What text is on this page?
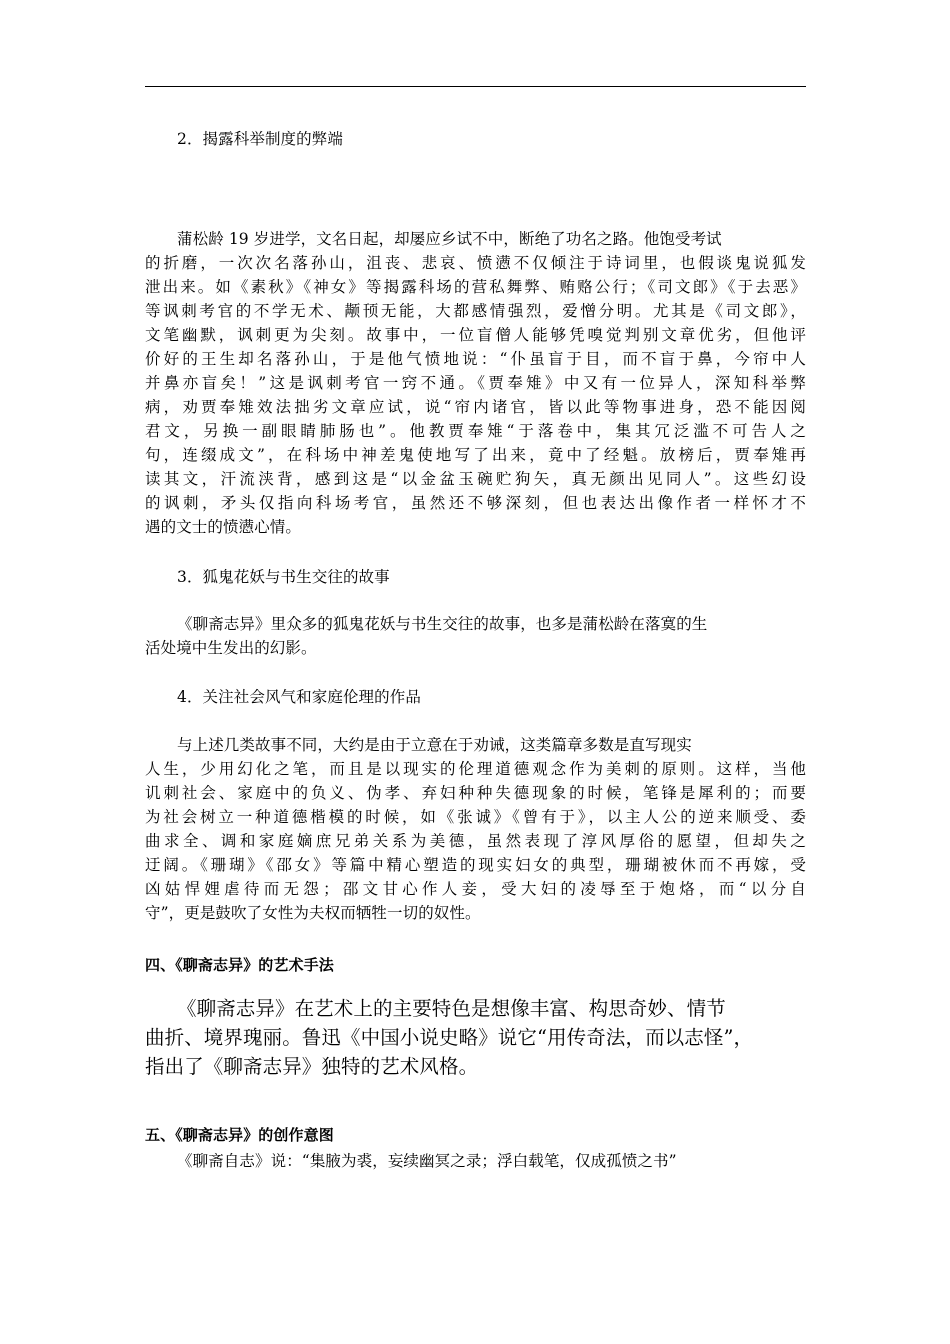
2．揭露科举制度的弊端
蒲松龄 19 岁进学，文名日起，却屡应乡试不中，断绝了功名之路。他饱受考试
的折磨，一次次名落孙山，沮丧、悲哀、愤懑不仅倾注于诗词里，也假谈鬼说狐发
泄出来。如《素秋》《神女》等揭露科场的营私舞弊、贿赂公行；《司文郎》《于去恶》
等讽刺考官的不学无术、颟顸无能，大都感情强烈，爱憎分明。尤其是《司文郎》，
文笔幽默，讽刺更为尖刻。故事中，一位盲僧人能够凭嗅觉判别文章优劣，但他评
价好的王生却名落孙山，于是他气愤地说：“仆虽盲于目，而不盲于鼻，今帘中人
并鼻亦盲矣！”这是讽刺考官一窍不通。《贾奉雉》中又有一位异人，深知科举弊
病，劝贾奉雉效法拙劣文章应试，说“帘内诸官，皆以此等物事进身，恐不能因阅
君文，另换一副眼睛肺肠也”。他教贾奉雉“于落卷中，集其冗泛滥不可告人之
句，连缀成文”，在科场中神差鬼使地写了出来，竟中了经魁。放榜后，贾奉雉再
读其文，汗流浃背，感到这是“以金盆玉碗贮狗矢，真无颜出见同人”。这些幻设
的讽刺，矛头仅指向科场考官，虽然还不够深刻，但也表达出像作者一样怀才不
遇的文士的愤懑心情。
3．狐鬼花妖与书生交往的故事
《聊斋志异》里众多的狐鬼花妖与书生交往的故事，也多是蒲松龄在落寞的生
活处境中生发出的幻影。
4．关注社会风气和家庭伦理的作品
与上述几类故事不同，大约是由于立意在于劝诫，这类篇章多数是直写现实
人生，少用幻化之笔，而且是以现实的伦理道德观念作为美刺的原则。这样，当他
讥刺社会、家庭中的负义、伪孝、弃妇种种失德现象的时候，笔锋是犀利的；而要
为社会树立一种道德楷模的时候，如《张诚》《曾有于》，以主人公的逆来顺受、委
曲求全、调和家庭嫡庶兄弟关系为美德，虽然表现了淳风厚俗的愿望，但却失之
迂阔。《珊瑚》《邵女》等篇中精心塑造的现实妇女的典型，珊瑚被休而不再嫁，受
凶姑悍娌虐待而无怨；邵文甘心作人妾，受大妇的凌辱至于炮烙，而“以分自
守”，更是鼓吹了女性为夫权而牺牲一切的奴性。
四、《聊斋志异》的艺术手法
《聊斋志异》在艺术上的主要特色是想像丰富、构思奇妙、情节
曲折、境界瑰丽。鲁迅《中国小说史略》说它“用传奇法，而以志怪”，
指出了《聊斋志异》独特的艺术风格。
五、《聊斋志异》的创作意图
《聊斋自志》说：“集腋为裘，妄续幽冥之录；浮白载笔，仅成孤愤之书”
